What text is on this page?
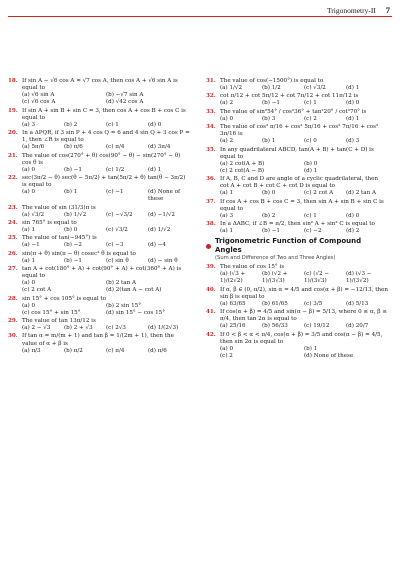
Trigonometry-II 7
18. If sin A − √6 cos A = √7 cos A, then cos A + √6 sin A is equal to
(a) √6 sin A	(b) −√7 sin A
(c) √6 cos A	(d) √42 cos A
19. If sin A + sin B + sin C = 3, then cos A + cos B + cos C is equal to
(a) 3	(b) 2	(c) 1	(d) 0
20. In a ΔPQR, if 3 sin P + 4 cos Q = 6 and 4 sin Q + 3 cos P = 1, then ∠R is equal to
(a) 5π/6	(b) π/6	(c) π/4	(d) 3π/4
21. The value of cos(270° + θ) cos(90° − θ) − sin(270° − θ) cos θ is
(a) 0	(b) −1	(c) 1/2	(d) 1
22. sec(3π/2 − θ) sec(θ − 5π/2) + tan(5π/2 + θ) tan(θ − 3π/2) is equal to
(a) 0	(b) 1	(c) −1	(d) None of these
23. The value of sin (31/3)π is
(a) √3/2	(b) 1/√2	(c) −√3/2	(d) −1/√2
24. sin 765° is equal to
(a) 1	(b) 0	(c) √3/2	(d) 1/√2
25. The value of tan(−945°) is
(a) −1	(b) −2	(c) −3	(d) −4
26. sin(π + θ) sin(π − θ) cosec² θ is equal to
(a) 1	(b) −1	(c) sin θ	(d) − sin θ
27. tan A + cot(180° + A) + cot(90° + A) + cot(360° + A) is equal to
(a) 0	(b) 2 tan A
(c) 2 cot A	(d) 2(tan A − cot A)
28. sin 15° + cos 105° is equal to
(a) 0	(b) 2 sin 15°
(c) cos 15° + sin 15°	(d) sin 15° − cos 15°
29. The value of tan 13π/12 is
(a) 2 − √3	(b) 2 + √3	(c) 2√3	(d) 1/(2√3)
30. If tan α = m/(m + 1) and tan β = 1/(2m + 1), then the value of α + β is
(a) π/3	(b) π/2	(c) π/4	(d) π/6
31. The value of cos(−1500°) is equal to
(a) 1/√2	(b) 1/2	(c) √3/2	(d) 1
32. cot π/12 + cot 5π/12 + cot 7π/12 + cot 11π/12 is
(a) 2	(b) −1	(c) 1	(d) 0
33. The value of sin²54° / cos²36° + tan²20° / cot²70° is
(a) 0	(b) 3	(c) 2	(d) 1
34. The value of cos² π/16 + cos² 5π/16 + cos² 7π/16 + cos² 3π/16 is
(a) 2	(b) 1	(c) 0	(d) 3
35. In any quadrilateral ABCD, tan(A + B) + tan(C + D) is equal to
(a) 2 cot(A + B)	(b) 0
(c) 2 cot(A − B)	(d) 1
36. If A, B, C and D are angle of a cyclic quadrilateral, then cot A + cot B + cot C + cot D is equal to
(a) 1	(b) 0	(c) 2 cot A	(d) 2 tan A
37. If cos A + cos B + cos C = 3, then sin A + sin B + sin C is equal to
(a) 3	(b) 2	(c) 1	(d) 0
38. In a ΔABC, if ∠B = π/2, then sin² A + sin² C is equal to
(a) 1	(b) −1	(c) −2	(d) 2
Trigonometric Function of Compound Angles
(Sum and Difference of Two and Three Angles)
39. The value of cos 15° is
(a) (√3 + 1)/(2√2)
(b) (√2 + 1)/(3√3)
(c) (√2 − 1)/(3√3)
(d) (√3 − 1)/(3√2)
40. If α, β ∈ (0, π/2), sin α = 4/5 and cos(α + β) = −12/13, then sin β is equal to
(a) 63/65	(b) 61/65	(c) 3/5	(d) 5/13
41. If cos(α + β) = 4/5 and sin(α − β) = 5/13, where 0 ≤ α, β ≤ π/4, then tan 2α is equal to
(a) 25/16	(b) 56/33	(c) 19/12	(d) 20/7
42. If 0 < β < α < π/4, cos(α + β) = 3/5 and cos(α − β) = 4/5, then sin 2α is equal to
(a) 0	(b) 1
(c) 2	(d) None of these
